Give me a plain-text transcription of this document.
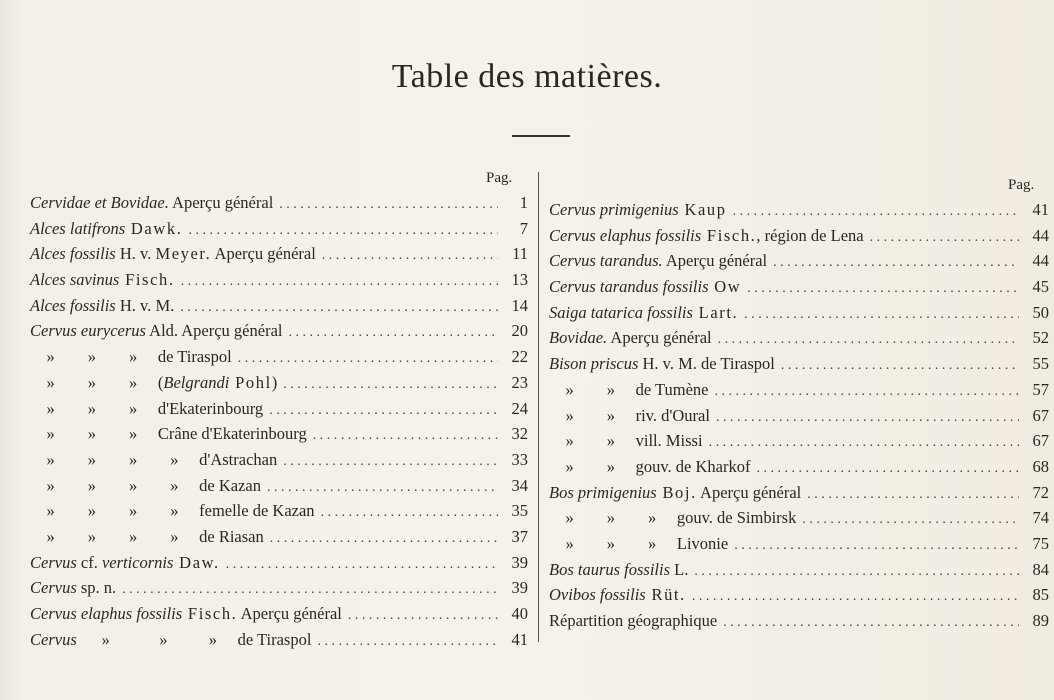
Table des matières.
Pag.	Pag.
Cervidae et Bovidae. Aperçu général . . .	1
Alces latifrons Dawk. . . .	7
Alces fossilis H. v. Meyer. Aperçu général . . .	11
Alces savinus Fisch. . . .	13
Alces fossilis H. v. M. . . .	14
Cervus eurycerus Ald. Aperçu général . . .	20
»        »        »     de Tiraspol . . .	22
»        »        »     (Belgrandi Pohl) . . .	23
»        »        »     d'Ekaterinbourg . . .	24
»        »        »     Crâne d'Ekaterinbourg . . .	32
»        »        »        »     d'Astrachan . . .	33
»        »        »        »     de Kazan . . .	34
»        »        »        »     femelle de Kazan . . .	35
»        »        »        »     de Riasan . . .	37
Cervus cf. verticornis Daw. . . .	39
Cervus sp. n. . . .	39
Cervus elaphus fossilis Fisch. Aperçu général . . .	40
Cervus      »            »          »     de Tiraspol . . .	41
Cervus primigenius Kaup . . .	41
Cervus elaphus fossilis Fisch., région de Lena . . .	44
Cervus tarandus. Aperçu général . . .	44
Cervus tarandus fossilis Ow . . .	45
Saiga tatarica fossilis Lart. . . .	50
Bovidae. Aperçu général . . .	52
Bison priscus H. v. M. de Tiraspol . . .	55
»        »     de Tumène . . .	57
»        »     riv. d'Oural . . .	67
»        »     vill. Missi . . .	67
»        »     gouv. de Kharkof . . .	68
Bos primigenius Boj. Aperçu général . . .	72
»        »        »     gouv. de Simbirsk . . .	74
»        »        »     Livonie . . .	75
Bos taurus fossilis L. . . .	84
Ovibos fossilis Rüt. . . .	85
Répartition géographique . . .	89
